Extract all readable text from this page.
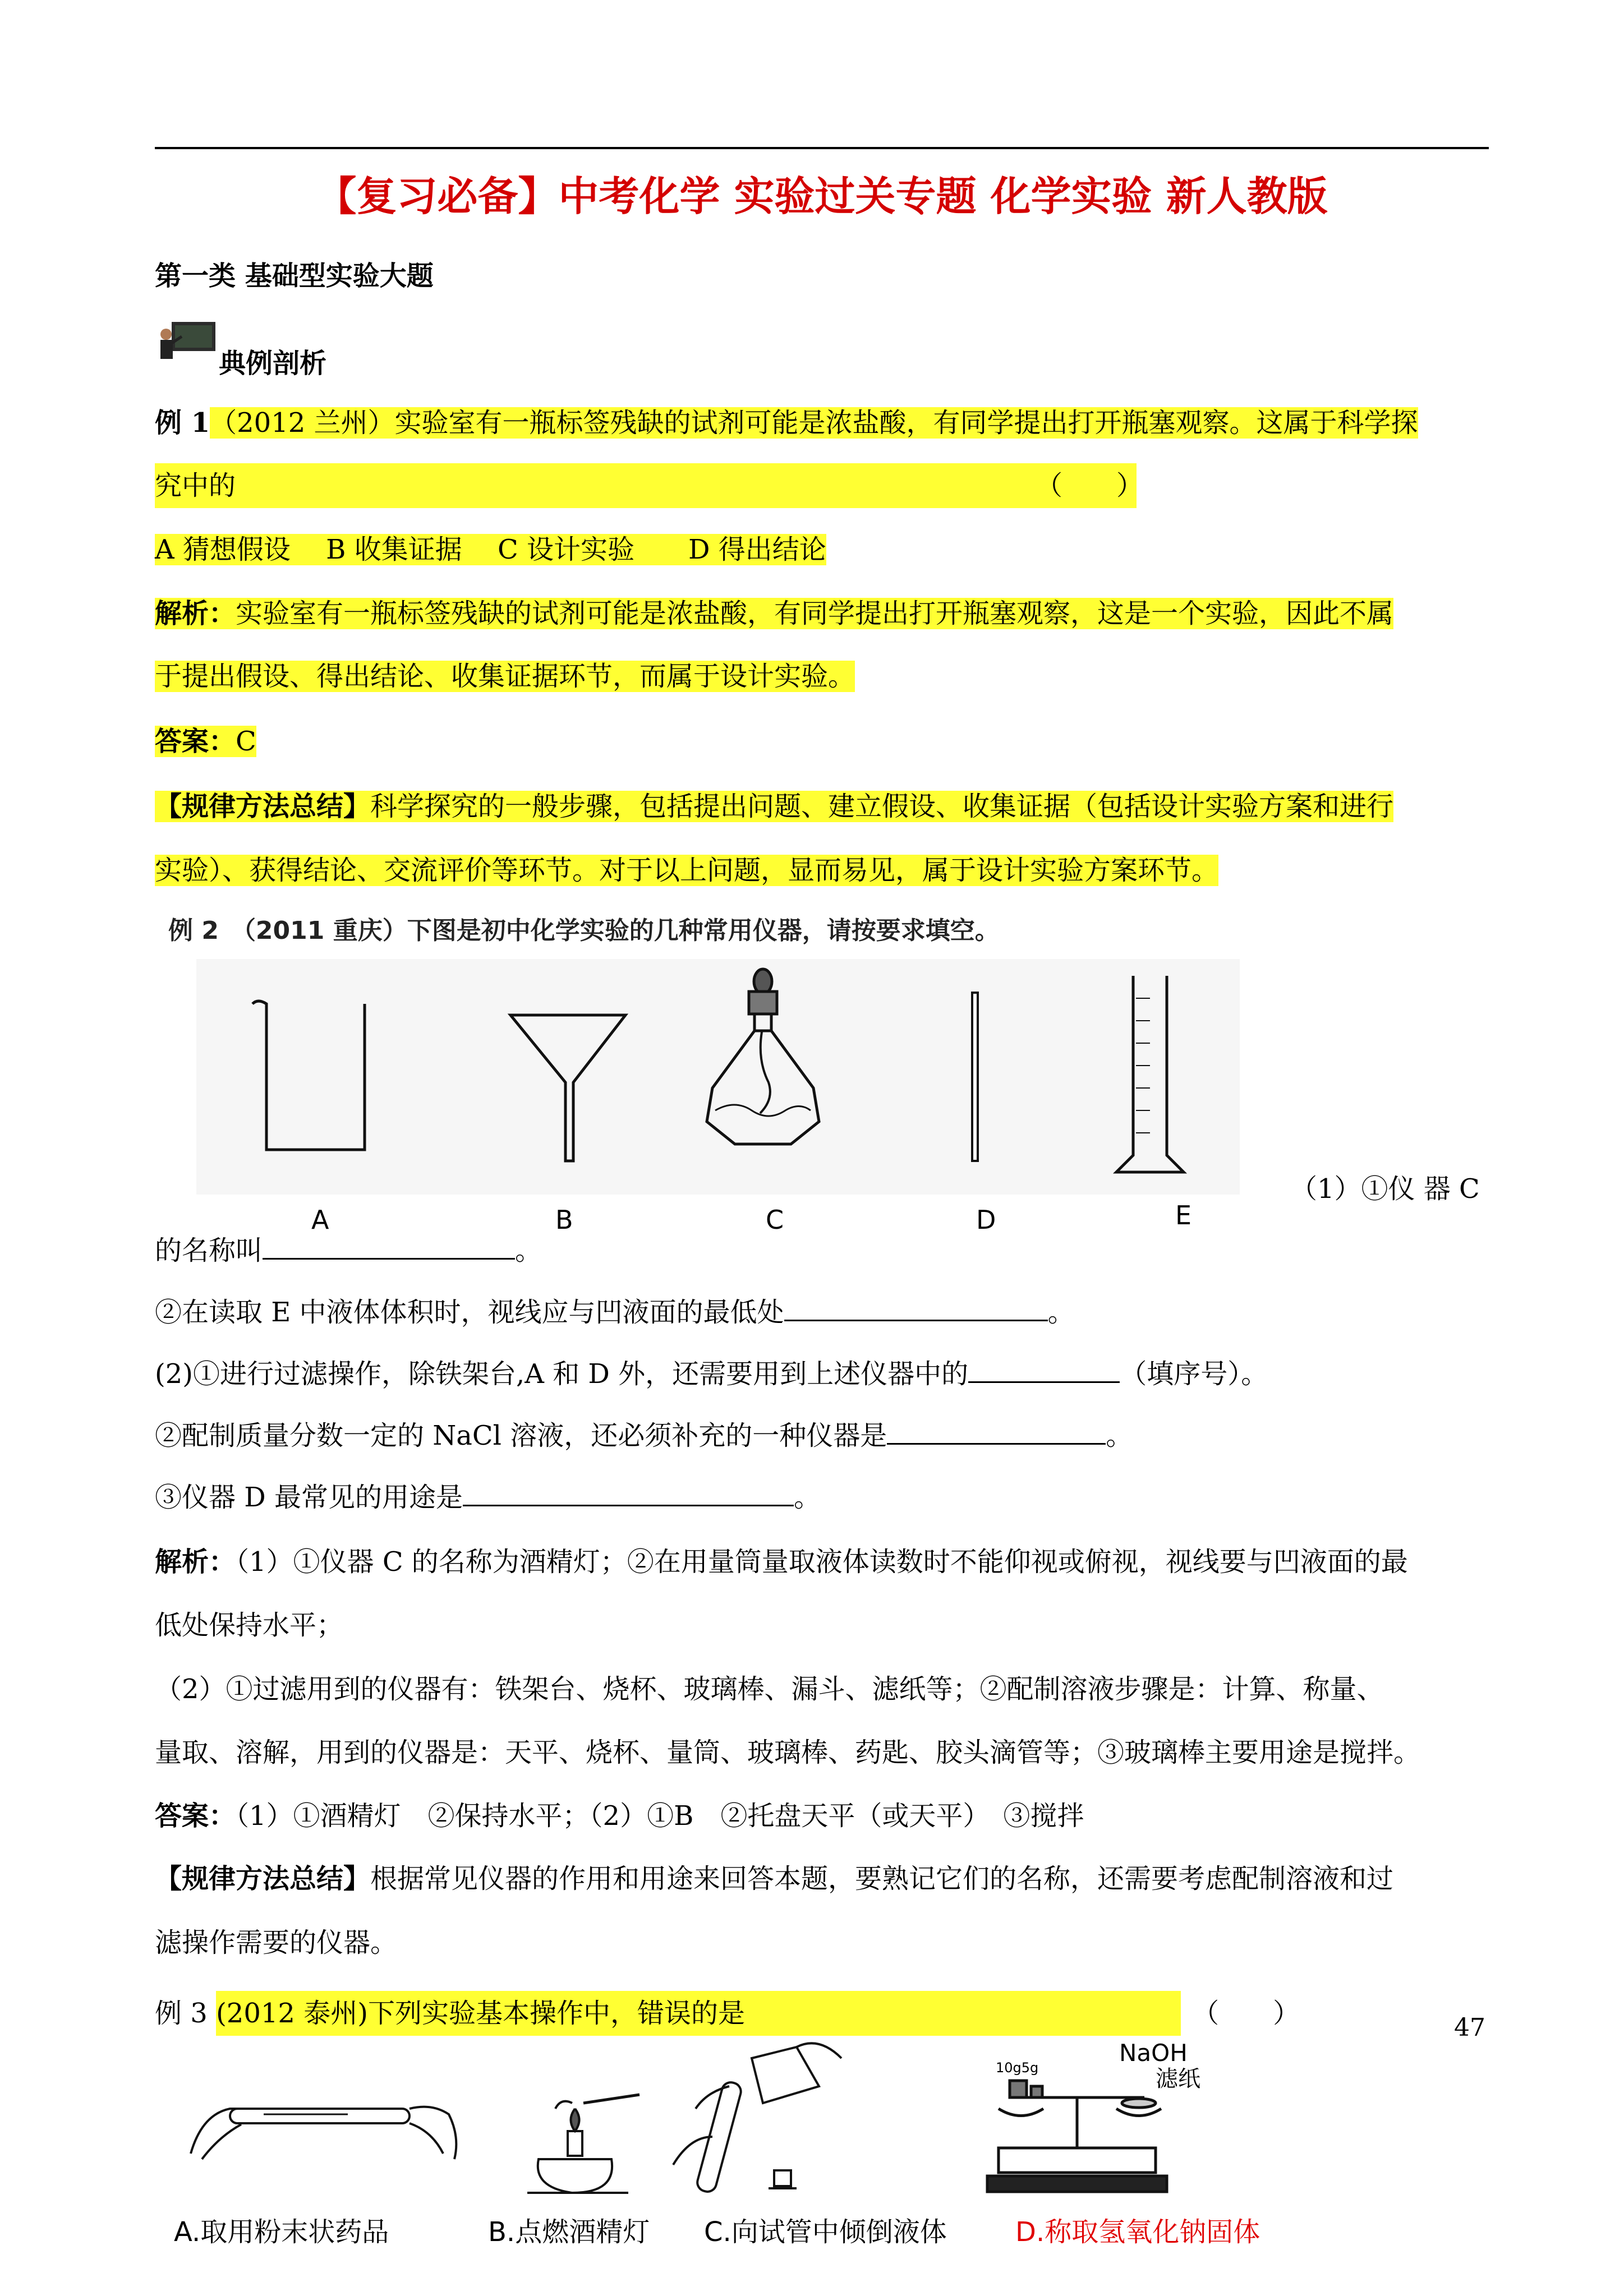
【复习必备】中考化学 实验过关专题 化学实验 新人教版
第一类 基础型实验大题
典例剖析
例 1（2012 兰州）实验室有一瓶标签残缺的试剂可能是浓盐酸，有同学提出打开瓶塞观察。这属于科学探
究中的	（　　）
A 猜想假设　 B 收集证据　 C 设计实验　　D 得出结论
解析：实验室有一瓶标签残缺的试剂可能是浓盐酸，有同学提出打开瓶塞观察，这是一个实验，因此不属
于提出假设、得出结论、收集证据环节，而属于设计实验。
答案：C
【规律方法总结】科学探究的一般步骤，包括提出问题、建立假设、收集证据（包括设计实验方案和进行
实验）、获得结论、交流评价等环节。对于以上问题，显而易见，属于设计实验方案环节。
例 2　 （2011 重庆）下图是初中化学实验的几种常用仪器，请按要求填空。
A	B	C	D	E
（1）①仪 器 C
的名称叫	。
②在读取 E 中液体体积时，视线应与凹液面的最低处	。
(2)①进行过滤操作，除铁架台,A 和 D 外，还需要用到上述仪器中的	（填序号）。
②配制质量分数一定的 NaCl 溶液，还必须补充的一种仪器是	。
③仪器 D 最常见的用途是	。
解析：（1）①仪器 C 的名称为酒精灯；②在用量筒量取液体读数时不能仰视或俯视，视线要与凹液面的最
低处保持水平；
（2）①过滤用到的仪器有：铁架台、烧杯、玻璃棒、漏斗、滤纸等；②配制溶液步骤是：计算、称量、
量取、溶解，用到的仪器是：天平、烧杯、量筒、玻璃棒、药匙、胶头滴管等；③玻璃棒主要用途是搅拌。
答案：（1）①酒精灯　②保持水平；（2）①B　②托盘天平（或天平）　③搅拌
【规律方法总结】根据常见仪器的作用和用途来回答本题，要熟记它们的名称，还需要考虑配制溶液和过
滤操作需要的仪器。
例 3 (2012 泰州)下列实验基本操作中，错误的是	（　　）
10g5g
NaOH
滤纸
47
A.取用粉末状药品	B.点燃酒精灯 C.向试管中倾倒液体	D.称取氢氧化钠固体
